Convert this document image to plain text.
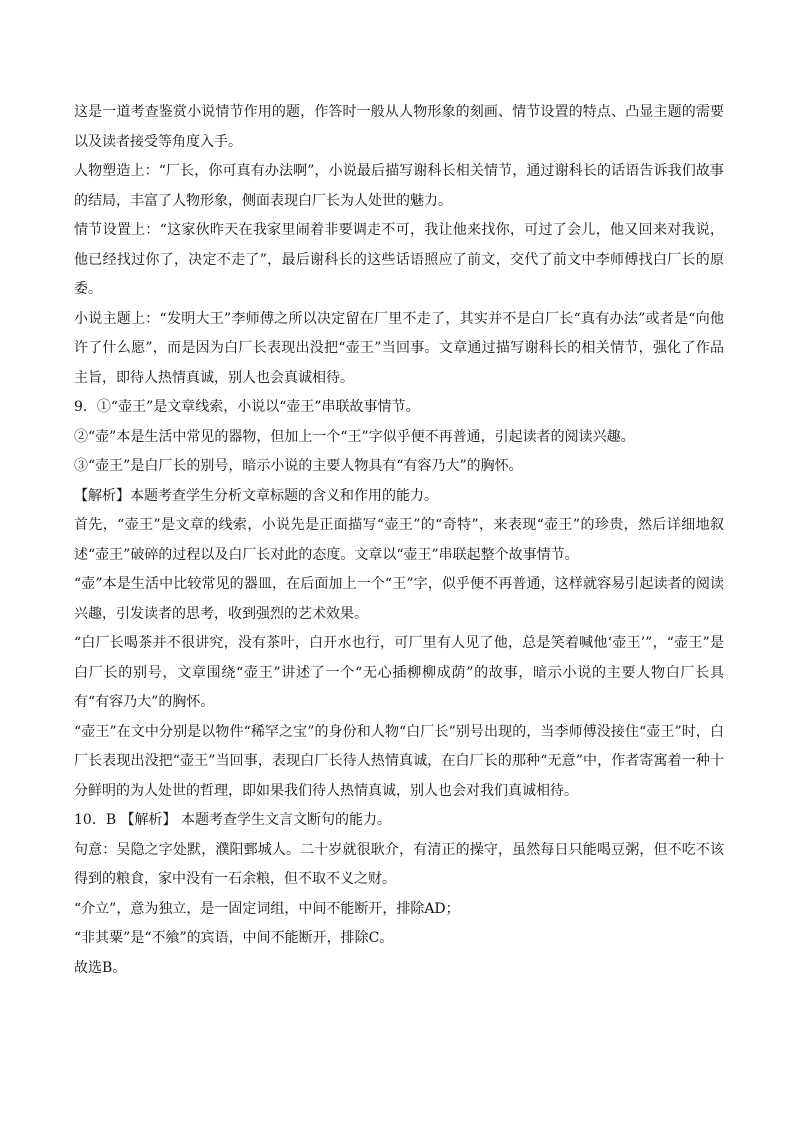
这是一道考查鉴赏小说情节作用的题，作答时一般从人物形象的刻画、情节设置的特点、凸显主题的需要以及读者接受等角度入手。

人物塑造上：“厂长，你可真有办法啊”，小说最后描写谢科长相关情节，通过谢科长的话语告诉我们故事的结局，丰富了人物形象，侧面表现白厂长为人处世的魅力。

情节设置上：“这家伙昨天在我家里闹着非要调走不可，我让他来找你，可过了会儿，他又回来对我说，他已经找过你了，决定不走了”，最后谢科长的这些话语照应了前文，交代了前文中李师傅找白厂长的原委。

小说主题上：“发明大王”李师傅之所以决定留在厂里不走了，其实并不是白厂长“真有办法”或者是“向他许了什么愿”，而是因为白厂长表现出没把“壶王”当回事。文章通过描写谢科长的相关情节，强化了作品主旨，即待人热情真诚，别人也会真诚相待。

9．①“壶王”是文章线索，小说以“壶王”串联故事情节。

②“壶”本是生活中常见的器物，但加上一个“王”字似乎便不再普通，引起读者的阅读兴趣。

③“壶王”是白厂长的别号，暗示小说的主要人物具有“有容乃大”的胸怀。

【解析】本题考查学生分析文章标题的含义和作用的能力。

首先，“壶王”是文章的线索，小说先是正面描写“壶王”的“奇特”，来表现“壶王”的珍贵，然后详细地叙述“壶王”破碎的过程以及白厂长对此的态度。文章以“壶王”串联起整个故事情节。

“壶”本是生活中比较常见的器皿，在后面加上一个“王”字，似乎便不再普通，这样就容易引起读者的阅读兴趣，引发读者的思考，收到强烈的艺术效果。

“白厂长喝茶并不很讲究，没有茶叶，白开水也行，可厂里有人见了他，总是笑着喊他‘壶王’”，“壶王”是白厂长的别号，文章围绕“壶王”讲述了一个“无心插柳柳成荫”的故事，暗示小说的主要人物白厂长具有“有容乃大”的胸怀。

“壶王”在文中分别是以物件“稀罕之宝”的身份和人物“白厂长”别号出现的，当李师傅没接住“壶王”时，白厂长表现出没把“壶王”当回事，表现白厂长待人热情真诚，在白厂长的那种“无意”中，作者寄寓着一种十分鲜明的为人处世的哲理，即如果我们待人热情真诚，别人也会对我们真诚相待。

10．B 【解析】 本题考查学生文言文断句的能力。

句意：吴隐之字处默，濮阳鄄城人。二十岁就很耿介，有清正的操守，虽然每日只能喝豆粥，但不吃不该得到的粮食，家中没有一石余粮，但不取不义之财。

“介立”，意为独立，是一固定词组，中间不能断开，排除AD；

“非其粟”是“不飨”的宾语，中间不能断开，排除C。

故选B。
